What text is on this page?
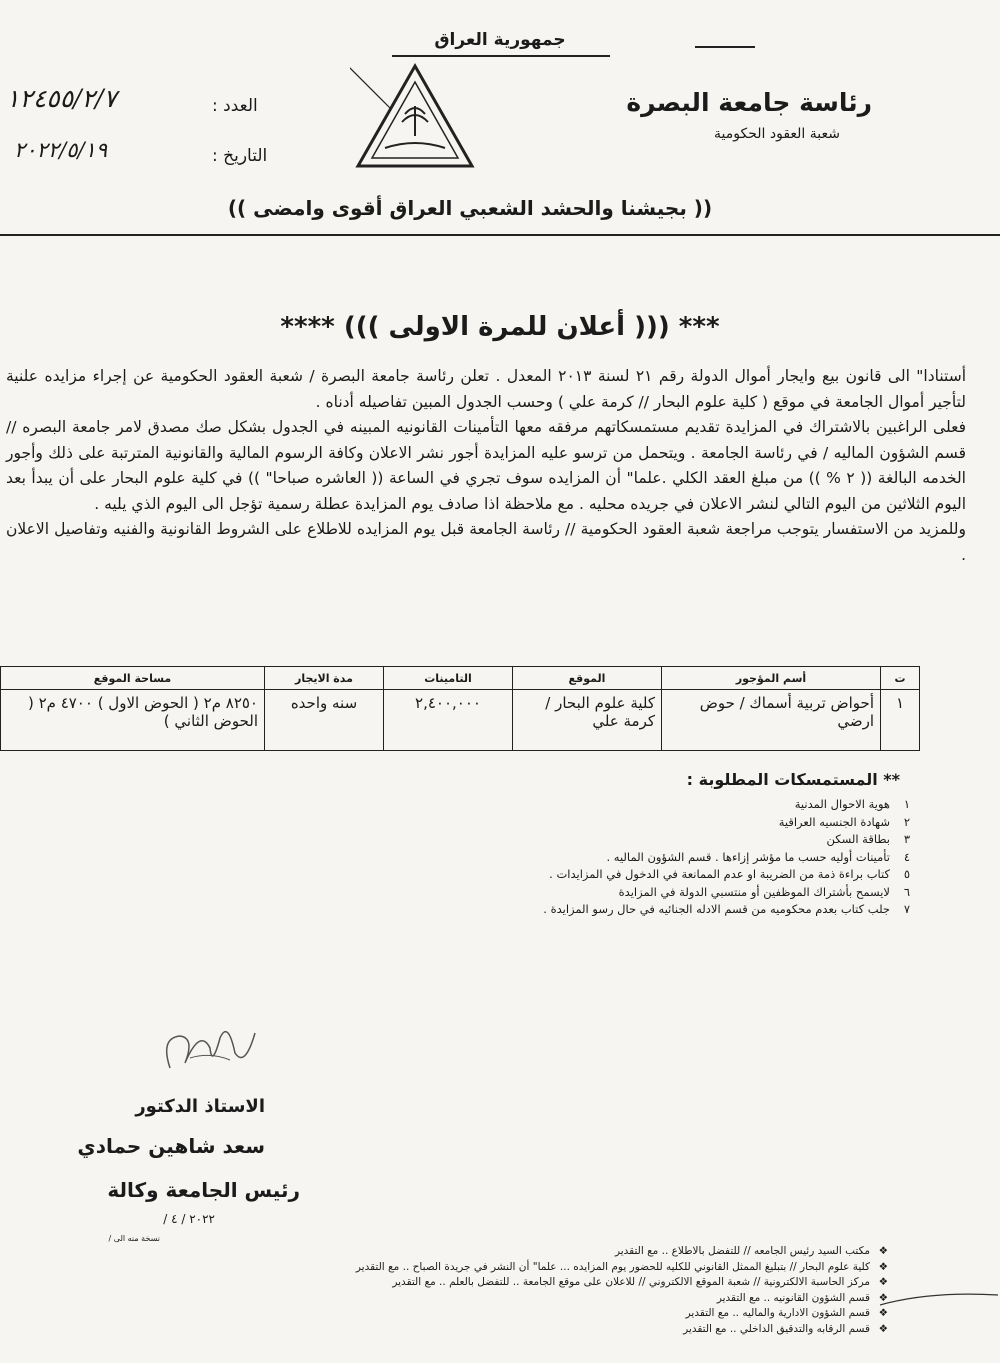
جمهورية العراق
رئاسة جامعة البصرة
شعبة العقود الحكومية
العدد :
١٢٤٥٥/٢/٧
التاريخ :
٢٠٢٢/٥/١٩
(( بجيشنا والحشد الشعبي العراق أقوى وامضى ))
*** ((( أعلان للمرة الاولى ))) ****

أستنادا" الى قانون بيع وايجار أموال الدولة رقم ٢١ لسنة ٢٠١٣ المعدل . تعلن رئاسة جامعة البصرة / شعبة العقود الحكومية عن إجراء مزايده علنية لتأجير أموال الجامعة في موقع ( كلية علوم البحار // كرمة علي ) وحسب الجدول المبين تفاصيله أدناه .

فعلى الراغبين بالاشتراك في المزايدة تقديم مستمسكاتهم مرفقه معها التأمينات القانونيه المبينه في الجدول بشكل صك مصدق لامر جامعة البصره // قسم الشؤون الماليه / في رئاسة الجامعة . ويتحمل من ترسو عليه المزايدة أجور نشر الاعلان وكافة الرسوم المالية والقانونية المترتبة على ذلك وأجور الخدمه البالغة (( ٢ % )) من مبلغ العقد الكلي .علما" أن المزايده سوف تجري في الساعة (( العاشره صباحا" )) في كلية علوم البحار على أن يبدأ بعد اليوم الثلاثين من اليوم التالي لنشر الاعلان في جريده محليه . مع ملاحظة اذا صادف يوم المزايدة عطلة رسمية تؤجل الى اليوم الذي يليه .

وللمزيد من الاستفسار يتوجب مراجعة شعبة العقود الحكومية // رئاسة الجامعة قبل يوم المزايده للاطلاع على الشروط القانونية والفنيه وتفاصيل الاعلان .

ت	أسم المؤجور	الموقع	التامينات	مدة الايجار	مساحة الموقع
١	أحواض تربية أسماك / حوض ارضي	كلية علوم البحار / كرمة علي	٢,٤٠٠,٠٠٠	سنه واحده	٨٢٥٠ م٢ ( الحوض الاول ) ٤٧٠٠ م٢ ( الحوض الثاني )
** المستمسكات المطلوبة :
١
هوية الاحوال المدنية
٢
شهادة الجنسيه العراقية
٣
بطاقة السكن
٤
تأمينات أوليه حسب ما مؤشر إزاءها . قسم الشؤون الماليه .
٥
كتاب براءة ذمة من الضريبة او عدم الممانعة في الدخول في المزايدات .
٦
لايسمح بأشتراك الموظفين أو منتسبي الدولة في المزايدة
٧
جلب كتاب بعدم محكوميه من قسم الادله الجنائيه في حال رسو المزايدة .
الاستاذ الدكتور
سعد شاهين حمادي
رئيس الجامعة وكالة
٢٠٢٢ / ٤ /
نسخة منه الى /
❖
مكتب السيد رئيس الجامعه // للتفضل بالاطلاع .. مع التقدير
❖
كلية علوم البحار // بتبليغ الممثل القانوني للكليه للحضور يوم المزايده ... علما" أن النشر في جريدة الصباح .. مع التقدير
❖
مركز الحاسبة الالكترونية // شعبة الموقع الالكتروني // للاعلان على موقع الجامعة .. للتفضل بالعلم .. مع التقدير
❖
قسم الشؤون القانونيه .. مع التقدير
❖
قسم الشؤون الادارية والماليه .. مع التقدير
❖
قسم الرقابه والتدقيق الداخلي .. مع التقدير
